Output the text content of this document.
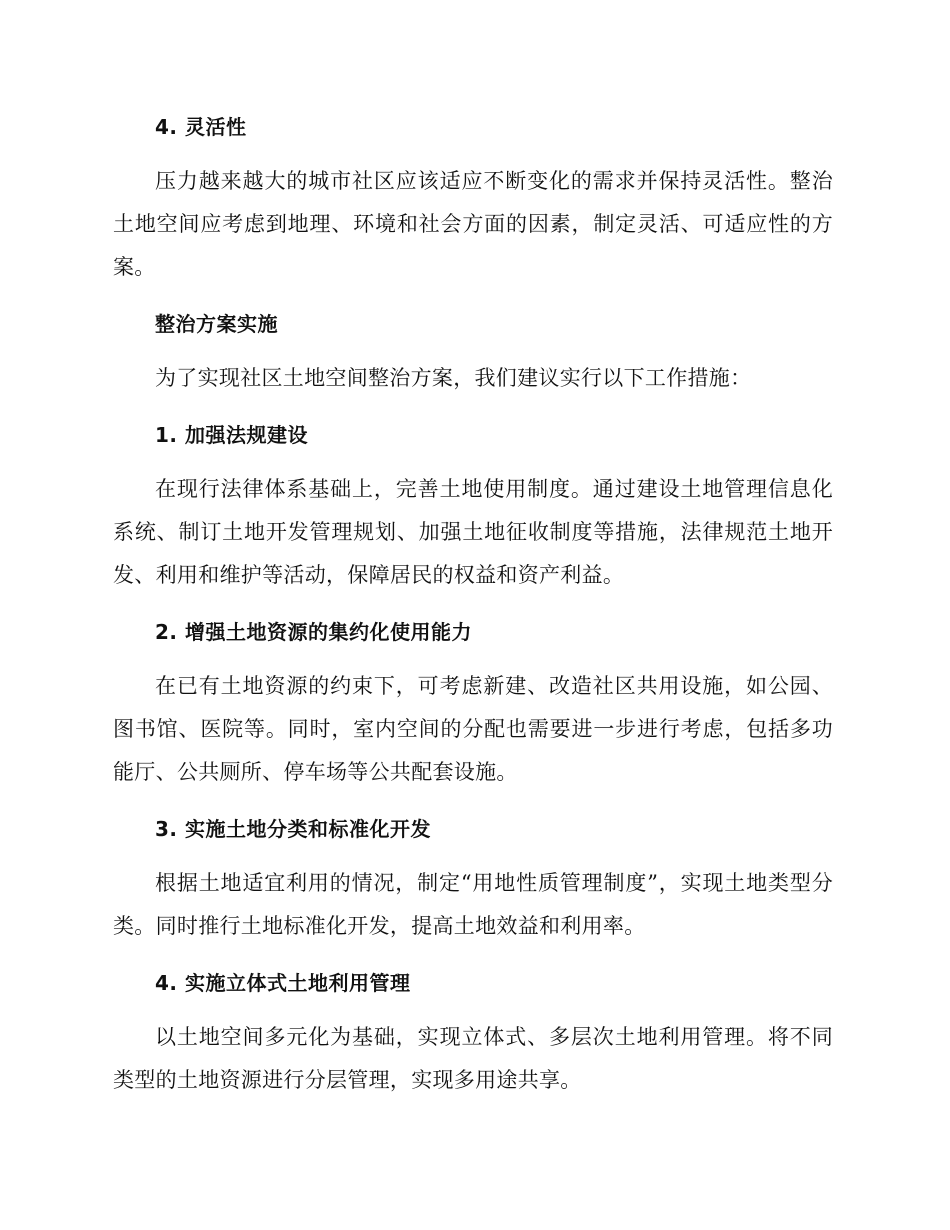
4. 灵活性

压力越来越大的城市社区应该适应不断变化的需求并保持灵活性。整治土地空间应考虑到地理、环境和社会方面的因素，制定灵活、可适应性的方案。

整治方案实施

为了实现社区土地空间整治方案，我们建议实行以下工作措施：

1. 加强法规建设

在现行法律体系基础上，完善土地使用制度。通过建设土地管理信息化系统、制订土地开发管理规划、加强土地征收制度等措施，法律规范土地开发、利用和维护等活动，保障居民的权益和资产利益。

2. 增强土地资源的集约化使用能力

在已有土地资源的约束下，可考虑新建、改造社区共用设施，如公园、图书馆、医院等。同时，室内空间的分配也需要进一步进行考虑，包括多功能厅、公共厕所、停车场等公共配套设施。

3. 实施土地分类和标准化开发

根据土地适宜利用的情况，制定“用地性质管理制度”，实现土地类型分类。同时推行土地标准化开发，提高土地效益和利用率。

4. 实施立体式土地利用管理

以土地空间多元化为基础，实现立体式、多层次土地利用管理。将不同类型的土地资源进行分层管理，实现多用途共享。
